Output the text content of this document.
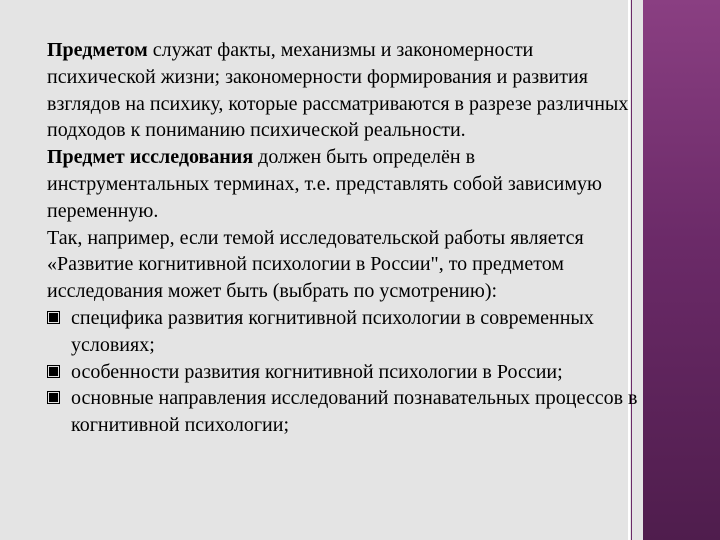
Предметом служат факты, механизмы и закономерности психической жизни; закономерности формирования и развития взглядов на психику, которые рассматриваются в разрезе различных подходов к пониманию психической реальности.

Предмет исследования должен быть определён в инструментальных терминах, т.е. представлять собой зависимую переменную.

Так, например, если темой исследовательской работы является «Развитие когнитивной психологии в России", то предметом исследования может быть (выбрать по усмотрению):

специфика развития когнитивной психологии в современных условиях;
особенности развития когнитивной психологии в России;
основные направления исследований познавательных процессов в когнитивной психологии;
